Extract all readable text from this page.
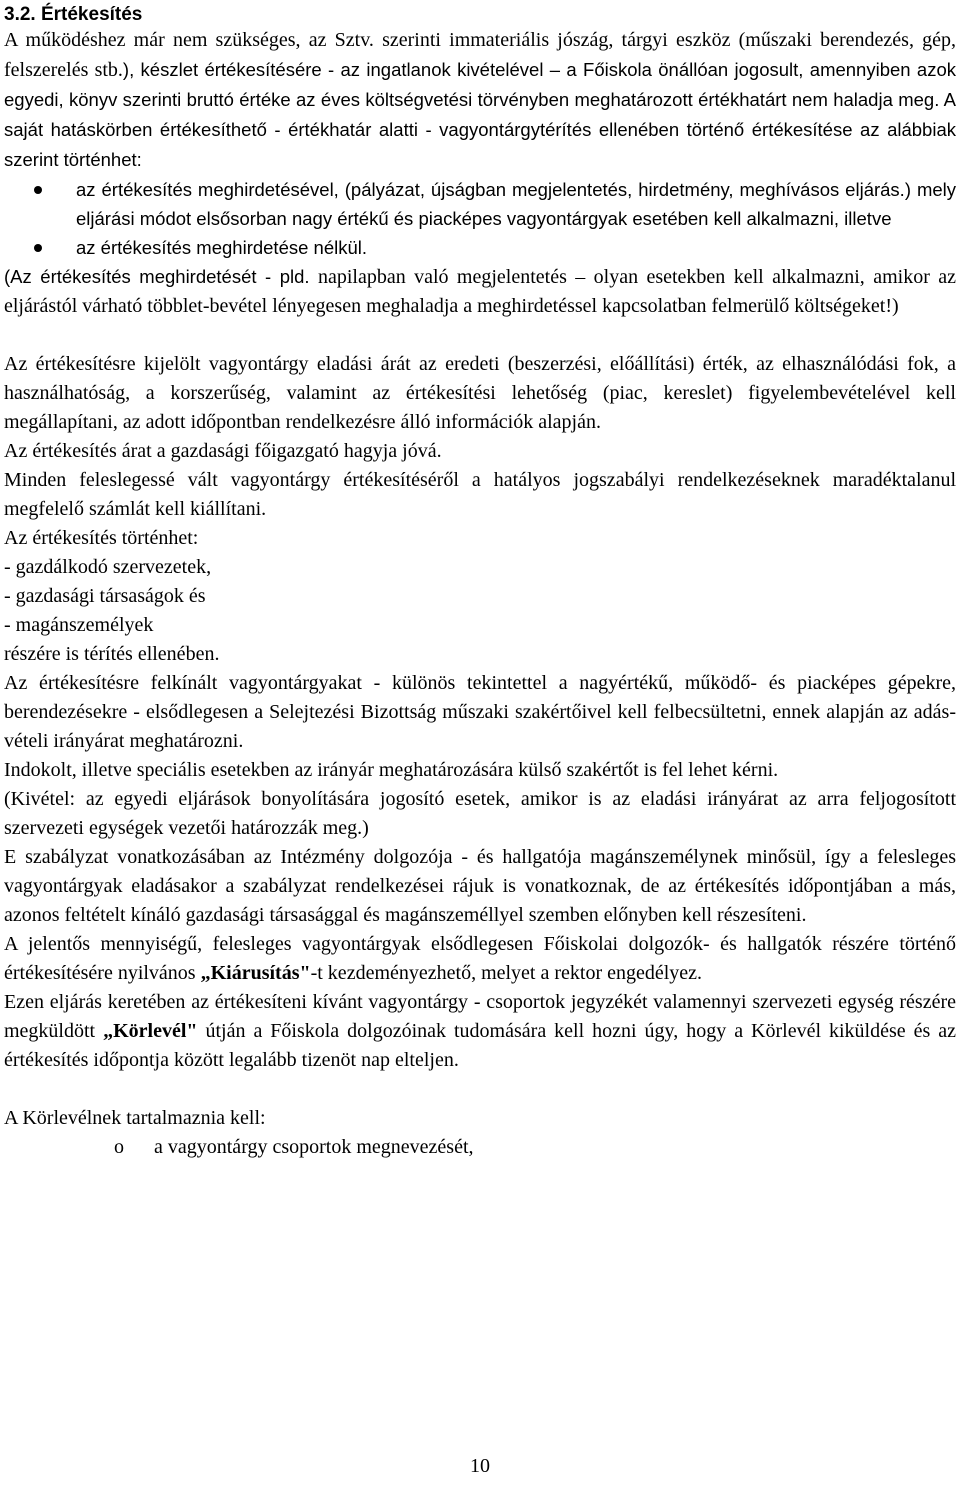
3.2. Értékesítés

A működéshez már nem szükséges, az Sztv. szerinti immateriális jószág, tárgyi eszköz (műszaki berendezés, gép, felszerelés stb.), készlet értékesítésére - az ingatlanok kivételével – a Főiskola önállóan jogosult, amennyiben azok egyedi, könyv szerinti bruttó értéke az éves költségvetési törvényben meghatározott értékhatárt nem haladja meg. A saját hatáskörben értékesíthető - értékhatár alatti - vagyontárgytérítés ellenében történő értékesítése az alábbiak szerint történhet:

az értékesítés meghirdetésével, (pályázat, újságban megjelentetés, hirdetmény, meghívásos eljárás.) mely eljárási módot elsősorban nagy értékű és piacképes vagyontárgyak esetében kell alkalmazni, illetve
az értékesítés meghirdetése nélkül.

(Az értékesítés meghirdetését - pld. napilapban való megjelentetés – olyan esetekben kell alkalmazni, amikor az eljárástól várható többlet-bevétel lényegesen meghaladja a meghirdetéssel kapcsolatban felmerülő költségeket!)

Az értékesítésre kijelölt vagyontárgy eladási árát az eredeti (beszerzési, előállítási) érték, az elhasználódási fok, a használhatóság, a korszerűség, valamint az értékesítési lehetőség (piac, kereslet) figyelembevételével kell megállapítani, az adott időpontban rendelkezésre álló információk alapján.

Az értékesítés árat a gazdasági főigazgató hagyja jóvá.

Minden feleslegessé vált vagyontárgy értékesítéséről a hatályos jogszabályi rendelkezéseknek maradéktalanul megfelelő számlát kell kiállítani.

Az értékesítés történhet:

- gazdálkodó szervezetek,

- gazdasági társaságok és

- magánszemélyek

részére is térítés ellenében.

Az értékesítésre felkínált vagyontárgyakat - különös tekintettel a nagyértékű, működő- és piacképes gépekre, berendezésekre - elsődlegesen a Selejtezési Bizottság műszaki szakértőivel kell felbecsültetni, ennek alapján az adás-vételi irányárat meghatározni.

Indokolt, illetve speciális esetekben az irányár meghatározására külső szakértőt is fel lehet kérni.

(Kivétel: az egyedi eljárások bonyolítására jogosító esetek, amikor is az eladási irányárat az arra feljogosított szervezeti egységek vezetői határozzák meg.)

E szabályzat vonatkozásában az Intézmény dolgozója - és hallgatója magánszemélynek minősül, így a felesleges vagyontárgyak eladásakor a szabályzat rendelkezései rájuk is vonatkoznak, de az értékesítés időpontjában a más, azonos feltételt kínáló gazdasági társasággal és magánszeméllyel szemben előnyben kell részesíteni.

A jelentős mennyiségű, felesleges vagyontárgyak elsődlegesen Főiskolai dolgozók- és hallgatók részére történő értékesítésére nyilvános „Kiárusítás"-t kezdeményezhető, melyet a rektor engedélyez.

Ezen eljárás keretében az értékesíteni kívánt vagyontárgy - csoportok jegyzékét valamennyi szervezeti egység részére megküldött „Körlevél" útján a Főiskola dolgozóinak tudomására kell hozni úgy, hogy a Körlevél kiküldése és az értékesítés időpontja között legalább tizenöt nap elteljen.

A Körlevélnek tartalmaznia kell:

o a vagyontárgy csoportok megnevezését,
10
